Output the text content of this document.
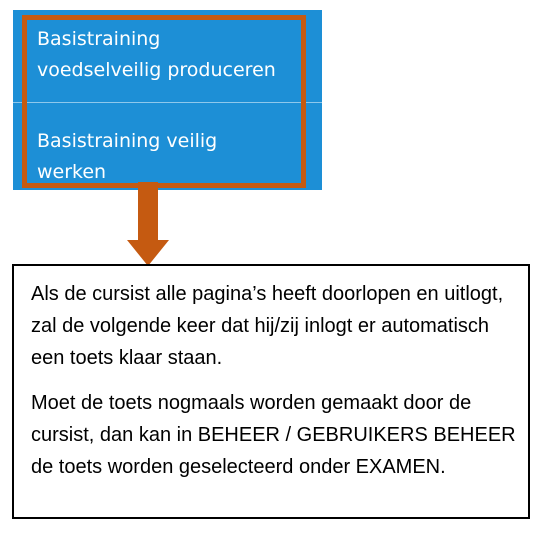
Basistraining
voedselveilig produceren
Basistraining veilig
werken

Als de cursist alle pagina’s heeft doorlopen en uitlogt, zal de volgende keer dat hij/zij inlogt er automatisch een toets klaar staan.

Moet de toets nogmaals worden gemaakt door de cursist, dan kan in BEHEER / GEBRUIKERS BEHEER de toets worden geselecteerd onder EXAMEN.
